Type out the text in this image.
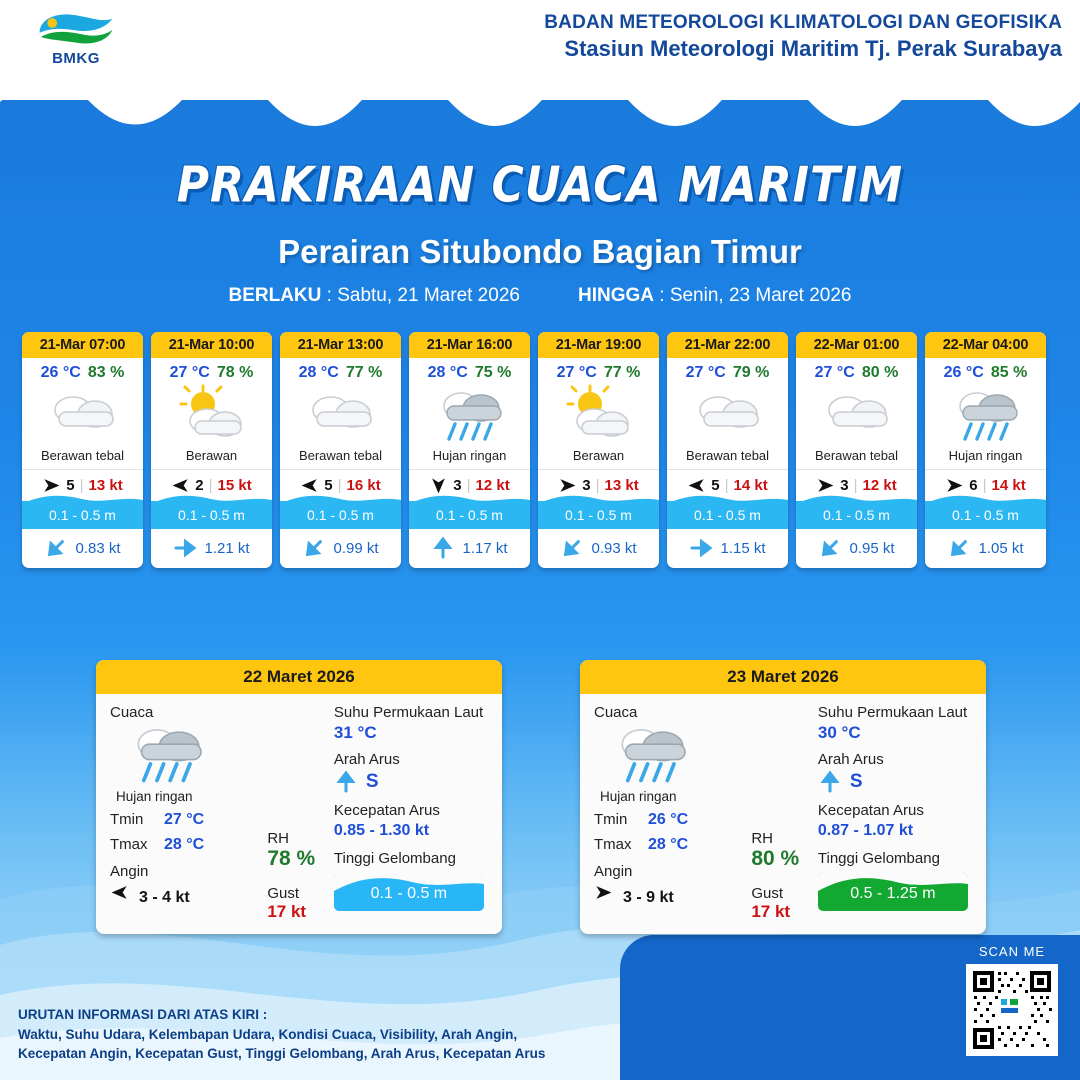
BMKG
BADAN METEOROLOGI KLIMATOLOGI DAN GEOFISIKA
Stasiun Meteorologi Maritim Tj. Perak Surabaya
PRAKIRAAN CUACA MARITIM
Perairan Situbondo Bagian Timur
BERLAKU : Sabtu, 21 Maret 2026	HINGGA : Senin, 23 Maret 2026
21-Mar 07:00
26 °C 83 %
Berawan tebal
5 | 13 kt
0.1 - 0.5 m
0.83 kt
21-Mar 10:00
27 °C 78 %
Berawan
2 | 15 kt
0.1 - 0.5 m
1.21 kt
21-Mar 13:00
28 °C 77 %
Berawan tebal
5 | 16 kt
0.1 - 0.5 m
0.99 kt
21-Mar 16:00
28 °C 75 %
Hujan ringan
3 | 12 kt
0.1 - 0.5 m
1.17 kt
21-Mar 19:00
27 °C 77 %
Berawan
3 | 13 kt
0.1 - 0.5 m
0.93 kt
21-Mar 22:00
27 °C 79 %
Berawan tebal
5 | 14 kt
0.1 - 0.5 m
1.15 kt
22-Mar 01:00
27 °C 80 %
Berawan tebal
3 | 12 kt
0.1 - 0.5 m
0.95 kt
22-Mar 04:00
26 °C 85 %
Hujan ringan
6 | 14 kt
0.1 - 0.5 m
1.05 kt
22 Maret 2026
Cuaca
Hujan ringan
Tmin	27 °C
Tmax	28 °C
Angin
3 - 4 kt
RH
78 %
Gust
17 kt
Suhu Permukaan Laut
31 °C
Arah Arus
S
Kecepatan Arus
0.85 - 1.30 kt
Tinggi Gelombang
0.1 - 0.5 m
23 Maret 2026
Cuaca
Hujan ringan
Tmin	26 °C
Tmax	28 °C
Angin
3 - 9 kt
RH
80 %
Gust
17 kt
Suhu Permukaan Laut
30 °C
Arah Arus
S
Kecepatan Arus
0.87 - 1.07 kt
Tinggi Gelombang
0.5 - 1.25 m
URUTAN INFORMASI DARI ATAS KIRI :
Waktu, Suhu Udara, Kelembapan Udara, Kondisi Cuaca, Visibility, Arah Angin,
Kecepatan Angin, Kecepatan Gust, Tinggi Gelombang, Arah Arus, Kecepatan Arus
SCAN ME
